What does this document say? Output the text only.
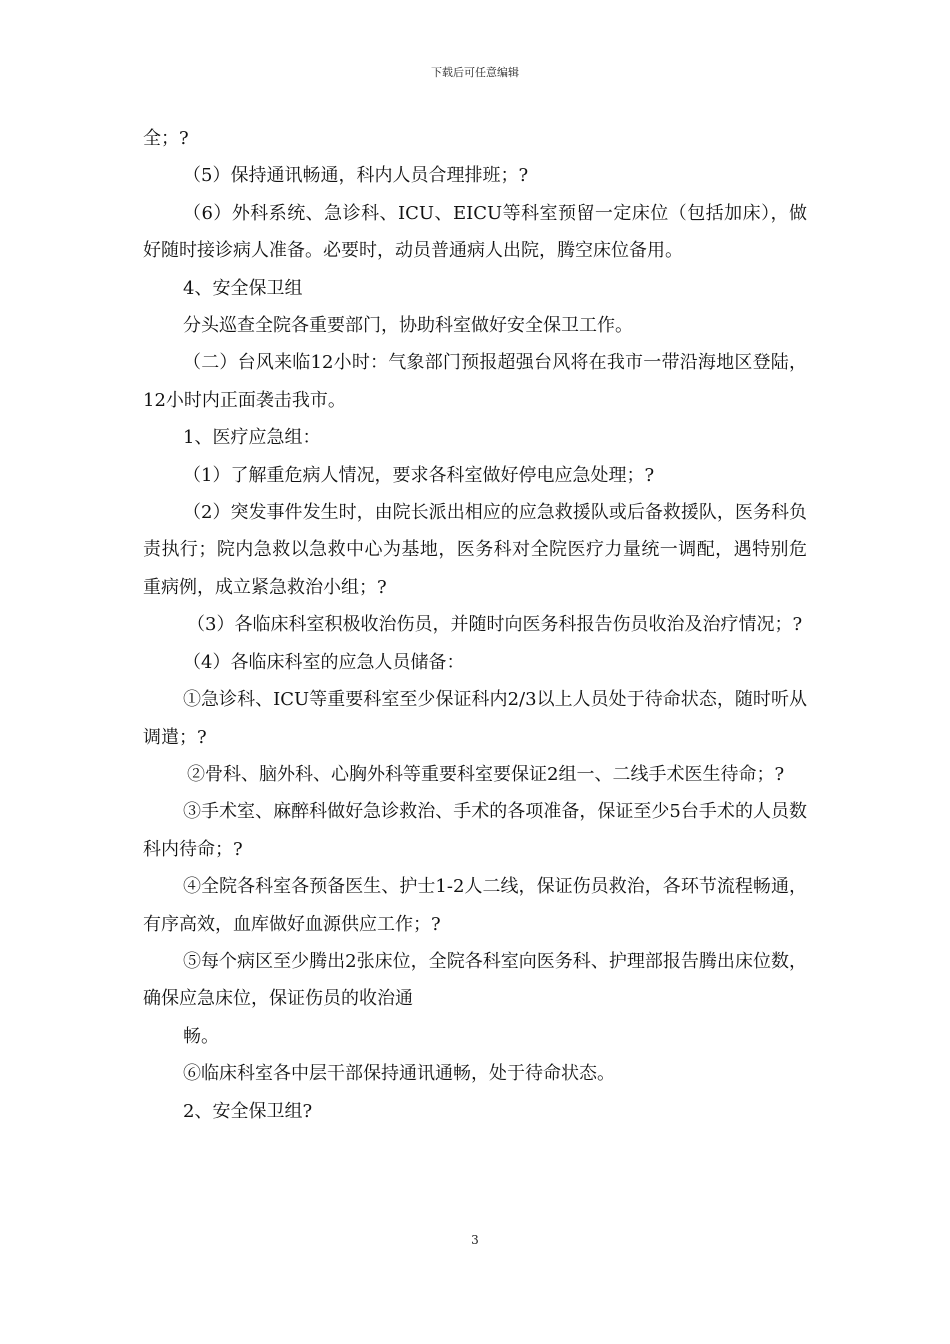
下载后可任意编辑

全；?

（5）保持通讯畅通，科内人员合理排班；?

（6）外科系统、急诊科、ICU、EICU等科室预留一定床位（包括加床），做好随时接诊病人准备。必要时，动员普通病人出院，腾空床位备用。

4、安全保卫组

分头巡查全院各重要部门，协助科室做好安全保卫工作。

（二）台风来临12小时：气象部门预报超强台风将在我市一带沿海地区登陆，12小时内正面袭击我市。

1、医疗应急组：

（1）了解重危病人情况，要求各科室做好停电应急处理；?

（2）突发事件发生时，由院长派出相应的应急救援队或后备救援队，医务科负责执行；院内急救以急救中心为基地，医务科对全院医疗力量统一调配，遇特别危重病例，成立紧急救治小组；?

（3）各临床科室积极收治伤员，并随时向医务科报告伤员收治及治疗情况；?

（4）各临床科室的应急人员储备：

①急诊科、ICU等重要科室至少保证科内2/3以上人员处于待命状态，随时听从调遣；?

②骨科、脑外科、心胸外科等重要科室要保证2组一、二线手术医生待命；?

③手术室、麻醉科做好急诊救治、手术的各项准备，保证至少5台手术的人员数科内待命；?

④全院各科室各预备医生、护士1-2人二线，保证伤员救治，各环节流程畅通，有序高效，血库做好血源供应工作；?

⑤每个病区至少腾出2张床位，全院各科室向医务科、护理部报告腾出床位数，确保应急床位，保证伤员的收治通

畅。

⑥临床科室各中层干部保持通讯通畅，处于待命状态。

2、安全保卫组?

3
